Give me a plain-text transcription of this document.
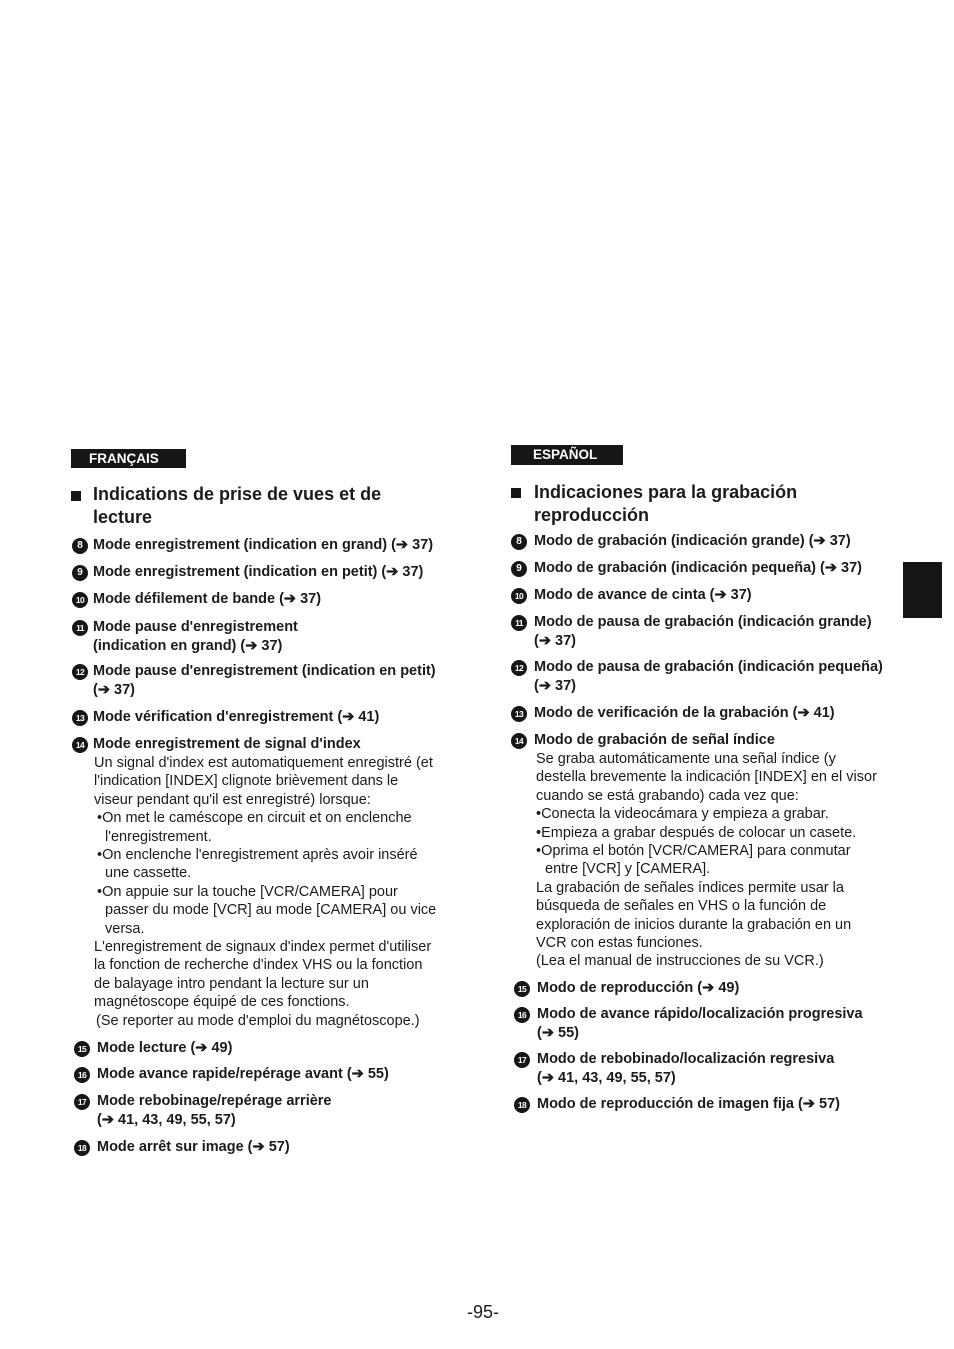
FRANÇAIS
Indications de prise de vues et de
lecture
8 Mode enregistrement (indication en grand) (➔ 37)
9 Mode enregistrement (indication en petit) (➔ 37)
10 Mode défilement de bande (➔ 37)
11 Mode pause d'enregistrement
(indication en grand) (➔ 37)
12 Mode pause d'enregistrement (indication en petit)
(➔ 37)
13 Mode vérification d'enregistrement (➔ 41)
14 Mode enregistrement de signal d'index
Un signal d'index est automatiquement enregistré (et
l'indication [INDEX] clignote brièvement dans le
viseur pendant qu'il est enregistré) lorsque:
•On met le caméscope en circuit et on enclenche
l'enregistrement.
•On enclenche l'enregistrement après avoir inséré
une cassette.
•On appuie sur la touche [VCR/CAMERA] pour
passer du mode [VCR] au mode [CAMERA] ou vice
versa.
L'enregistrement de signaux d'index permet d'utiliser
la fonction de recherche d'index VHS ou la fonction
de balayage intro pendant la lecture sur un
magnétoscope équipé de ces fonctions.
(Se reporter au mode d'emploi du magnétoscope.)
15 Mode lecture (➔ 49)
16 Mode avance rapide/repérage avant (➔ 55)
17 Mode rebobinage/repérage arrière
(➔ 41, 43, 49, 55, 57)
18 Mode arrêt sur image (➔ 57)
ESPAÑOL
Indicaciones para la grabación
reproducción
8 Modo de grabación (indicación grande) (➔ 37)
9 Modo de grabación (indicación pequeña) (➔ 37)
10 Modo de avance de cinta (➔ 37)
11 Modo de pausa de grabación (indicación grande)
(➔ 37)
12 Modo de pausa de grabación (indicación pequeña)
(➔ 37)
13 Modo de verificación de la grabación (➔ 41)
14 Modo de grabación de señal índice
Se graba automáticamente una señal índice (y
destella brevemente la indicación [INDEX] en el visor
cuando se está grabando) cada vez que:
•Conecta la videocámara y empieza a grabar.
•Empieza a grabar después de colocar un casete.
•Oprima el botón [VCR/CAMERA] para conmutar
entre [VCR] y [CAMERA].
La grabación de señales índices permite usar la
búsqueda de señales en VHS o la función de
exploración de inicios durante la grabación en un
VCR con estas funciones.
(Lea el manual de instrucciones de su VCR.)
15 Modo de reproducción (➔ 49)
16 Modo de avance rápido/localización progresiva
(➔ 55)
17 Modo de rebobinado/localización regresiva
(➔ 41, 43, 49, 55, 57)
18 Modo de reproducción de imagen fija (➔ 57)
-95-
